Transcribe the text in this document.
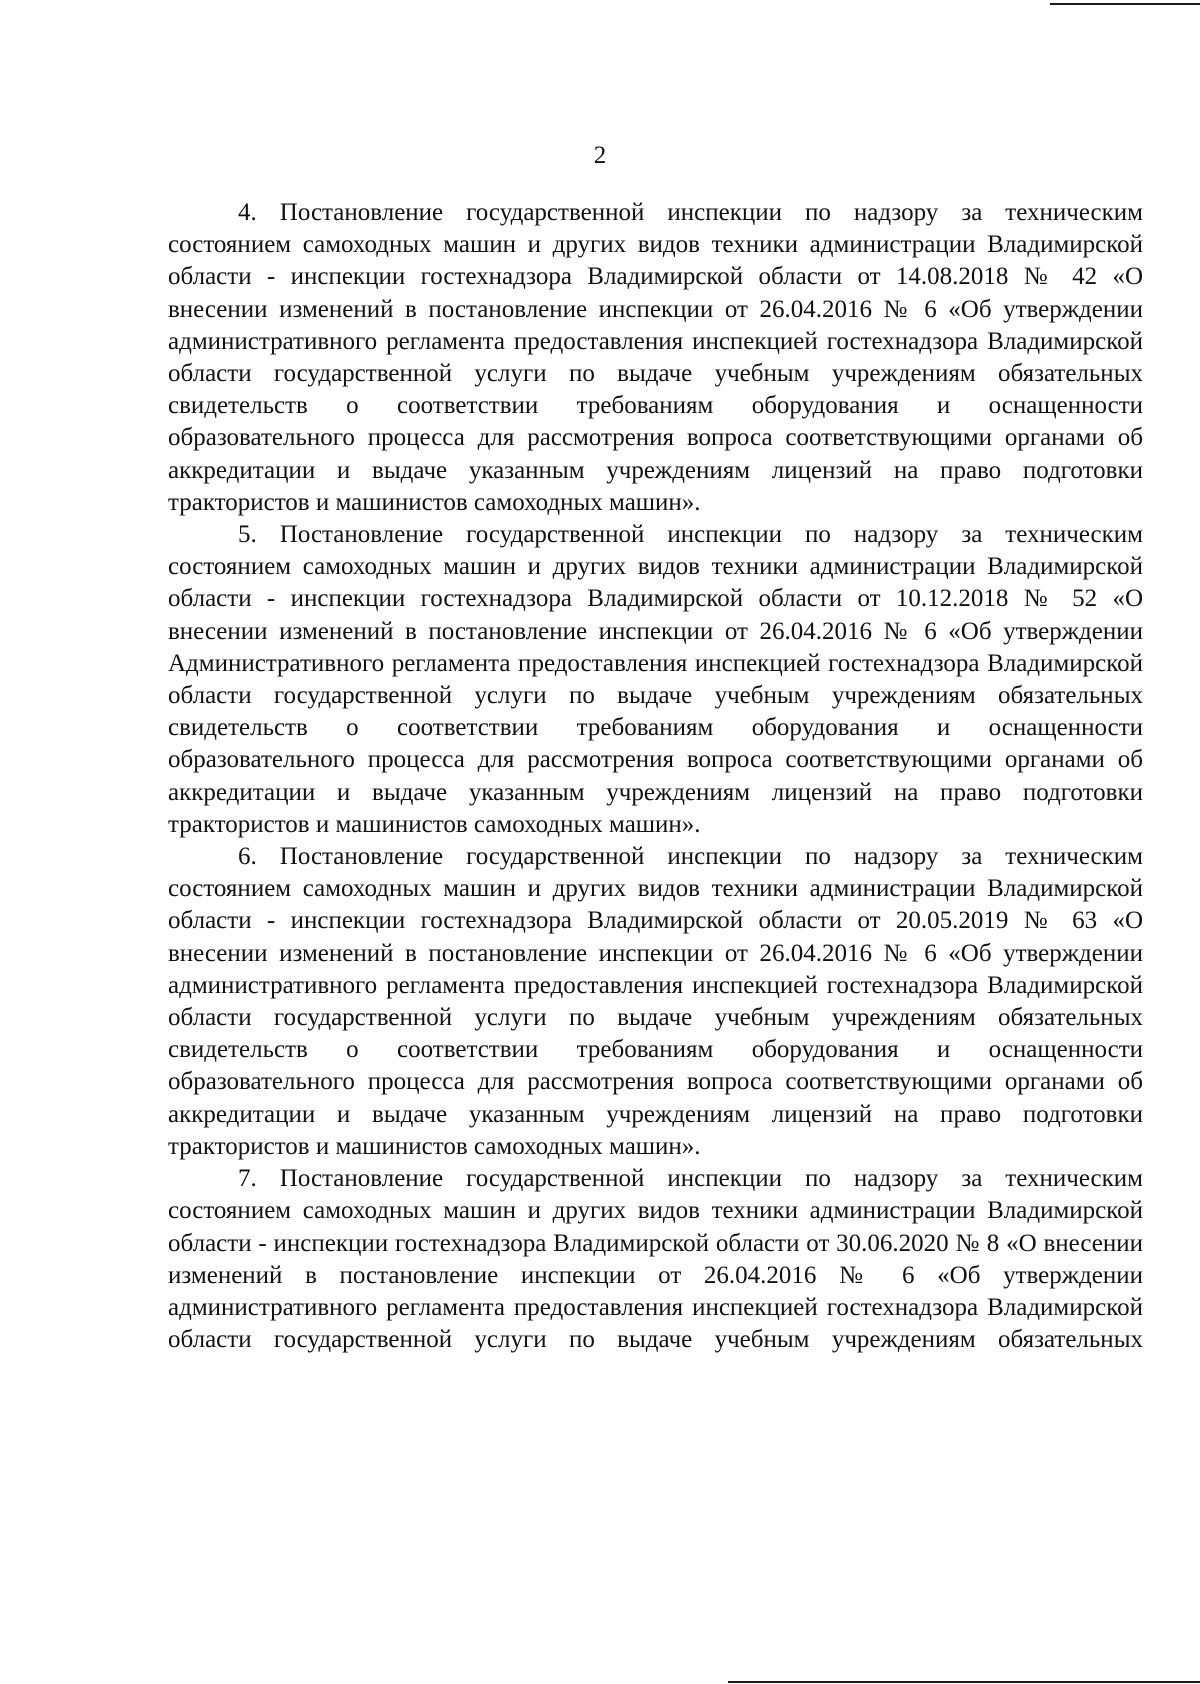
2

4. Постановление государственной инспекции по надзору за техническим состоянием самоходных машин и других видов техники администрации Владимирской области - инспекции гостехнадзора Владимирской области от 14.08.2018 № 42 «О внесении изменений в постановление инспекции от 26.04.2016 № 6 «Об утверждении административного регламента предоставления инспекцией гостехнадзора Владимирской области государственной услуги по выдаче учебным учреждениям обязательных свидетельств о соответствии требованиям оборудования и оснащенности образовательного процесса для рассмотрения вопроса соответствующими органами об аккредитации и выдаче указанным учреждениям лицензий на право подготовки трактористов и машинистов самоходных машин».

5. Постановление государственной инспекции по надзору за техническим состоянием самоходных машин и других видов техники администрации Владимирской области - инспекции гостехнадзора Владимирской области от 10.12.2018 № 52 «О внесении изменений в постановление инспекции от 26.04.2016 № 6 «Об утверждении Административного регламента предоставления инспекцией гостехнадзора Владимирской области государственной услуги по выдаче учебным учреждениям обязательных свидетельств о соответствии требованиям оборудования и оснащенности образовательного процесса для рассмотрения вопроса соответствующими органами об аккредитации и выдаче указанным учреждениям лицензий на право подготовки трактористов и машинистов самоходных машин».

6. Постановление государственной инспекции по надзору за техническим состоянием самоходных машин и других видов техники администрации Владимирской области - инспекции гостехнадзора Владимирской области от 20.05.2019 № 63 «О внесении изменений в постановление инспекции от 26.04.2016 № 6 «Об утверждении административного регламента предоставления инспекцией гостехнадзора Владимирской области государственной услуги по выдаче учебным учреждениям обязательных свидетельств о соответствии требованиям оборудования и оснащенности образовательного процесса для рассмотрения вопроса соответствующими органами об аккредитации и выдаче указанным учреждениям лицензий на право подготовки трактористов и машинистов самоходных машин».

7. Постановление государственной инспекции по надзору за техническим состоянием самоходных машин и других видов техники администрации Владимирской области - инспекции гостехнадзора Владимирской области от 30.06.2020 № 8 «О внесении изменений в постановление инспекции от 26.04.2016 № 6 «Об утверждении административного регламента предоставления инспекцией гостехнадзора Владимирской области государственной услуги по выдаче учебным учреждениям обязательных
